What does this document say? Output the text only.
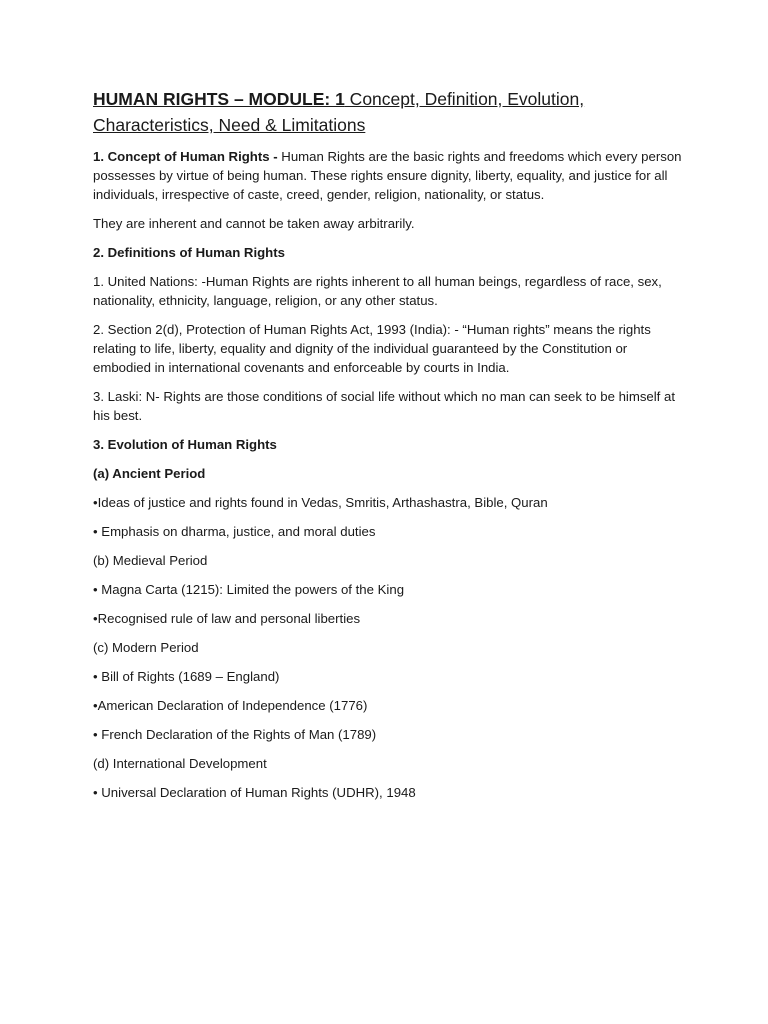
HUMAN RIGHTS – MODULE: 1 Concept, Definition, Evolution, Characteristics, Need & Limitations

1. Concept of Human Rights - Human Rights are the basic rights and freedoms which every person possesses by virtue of being human. These rights ensure dignity, liberty, equality, and justice for all individuals, irrespective of caste, creed, gender, religion, nationality, or status.

They are inherent and cannot be taken away arbitrarily.

2. Definitions of Human Rights

1. United Nations: -Human Rights are rights inherent to all human beings, regardless of race, sex, nationality, ethnicity, language, religion, or any other status.

2. Section 2(d), Protection of Human Rights Act, 1993 (India): - “Human rights” means the rights relating to life, liberty, equality and dignity of the individual guaranteed by the Constitution or embodied in international covenants and enforceable by courts in India.

3. Laski: N- Rights are those conditions of social life without which no man can seek to be himself at his best.

3. Evolution of Human Rights

(a) Ancient Period

•Ideas of justice and rights found in Vedas, Smritis, Arthashastra, Bible, Quran

• Emphasis on dharma, justice, and moral duties

(b) Medieval Period

• Magna Carta (1215): Limited the powers of the King

•Recognised rule of law and personal liberties

(c) Modern Period

• Bill of Rights (1689 – England)

•American Declaration of Independence (1776)

• French Declaration of the Rights of Man (1789)

(d) International Development

• Universal Declaration of Human Rights (UDHR), 1948
